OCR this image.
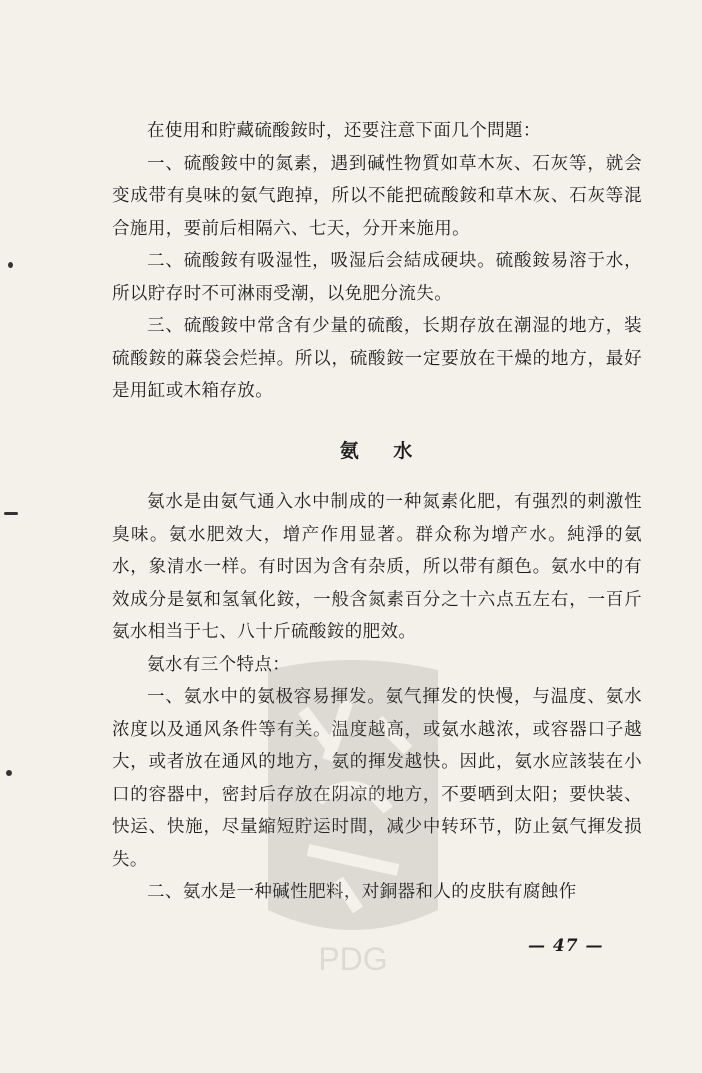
在使用和貯藏硫酸銨时，还要注意下面几个問題：

一、硫酸銨中的氮素，遇到碱性物質如草木灰、石灰等，就会变成带有臭味的氨气跑掉，所以不能把硫酸銨和草木灰、石灰等混合施用，要前后相隔六、七天，分开来施用。

二、硫酸銨有吸湿性，吸湿后会結成硬块。硫酸銨易溶于水，所以貯存时不可淋雨受潮，以免肥分流失。

三、硫酸銨中常含有少量的硫酸，长期存放在潮湿的地方，装硫酸銨的蔴袋会烂掉。所以，硫酸銨一定要放在干燥的地方，最好是用缸或木箱存放。

氨 水

氨水是由氨气通入水中制成的一种氮素化肥，有强烈的刺激性臭味。氨水肥效大，增产作用显著。群众称为增产水。純淨的氨水，象清水一样。有时因为含有杂质，所以带有顏色。氨水中的有效成分是氨和氢氧化銨，一般含氮素百分之十六点五左右，一百斤氨水相当于七、八十斤硫酸銨的肥效。

氨水有三个特点：

一、氨水中的氨极容易揮发。氨气揮发的快慢，与温度、氨水浓度以及通风条件等有关。温度越高，或氨水越浓，或容器口子越大，或者放在通风的地方，氨的揮发越快。因此，氨水应該装在小口的容器中，密封后存放在阴凉的地方，不要晒到太阳；要快装、快运、快施，尽量縮短貯运时間，减少中转环节，防止氨气揮发损失。

二、氨水是一种碱性肥料，对銅器和人的皮肤有腐蝕作

— 47 —
PDG
